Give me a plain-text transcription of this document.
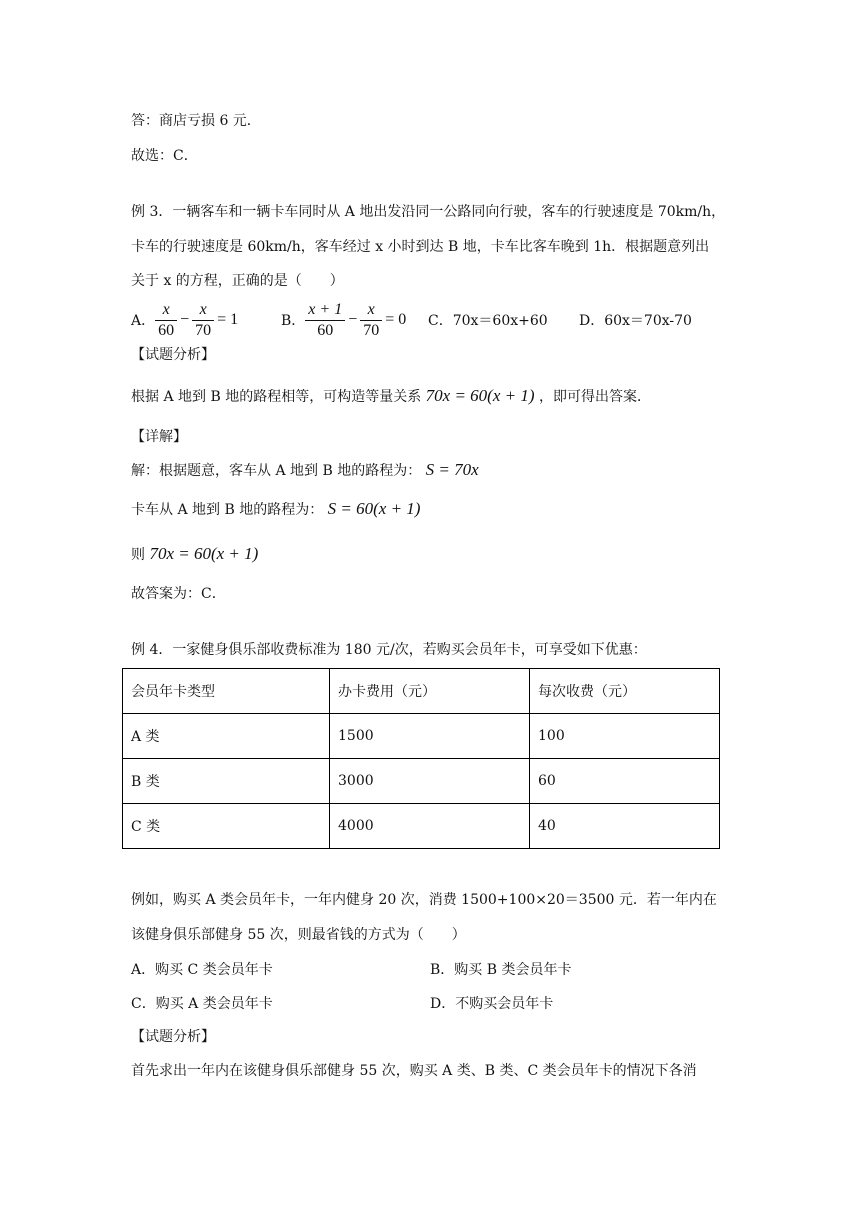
答：商店亏损 6 元．
故选：C．
例 3．一辆客车和一辆卡车同时从 A 地出发沿同一公路同向行驶，客车的行驶速度是 70km/h，
卡车的行驶速度是 60km/h，客车经过 x 小时到达 B 地，卡车比客车晚到 1h．根据题意列出
关于 x 的方程，正确的是（　　）
A． $\frac{x}{60} - \frac{x}{70} = 1$	B． $\frac{x + 1}{60} - \frac{x}{70} = 0$ C．70x＝60x+60 D．60x＝70x-70
【试题分析】
根据 A 地到 B 地的路程相等，可构造等量关系 70x = 60(x + 1) ，即可得出答案．
【详解】
解：根据题意，客车从 A 地到 B 地的路程为： S = 70x
卡车从 A 地到 B 地的路程为： S = 60(x + 1)
则 70x = 60(x + 1)
故答案为：C．
例 4．一家健身俱乐部收费标准为 180 元/次，若购买会员年卡，可享受如下优惠：
会员年卡类型	办卡费用（元）	每次收费（元）
A 类	1500	100
B 类	3000	60
C 类	4000	40
例如，购买 A 类会员年卡，一年内健身 20 次，消费 1500+100×20＝3500 元．若一年内在
该健身俱乐部健身 55 次，则最省钱的方式为（　　）
A．购买 C 类会员年卡	B．购买 B 类会员年卡
C．购买 A 类会员年卡	D．不购买会员年卡
【试题分析】
首先求出一年内在该健身俱乐部健身 55 次，购买 A 类、B 类、C 类会员年卡的情况下各消
